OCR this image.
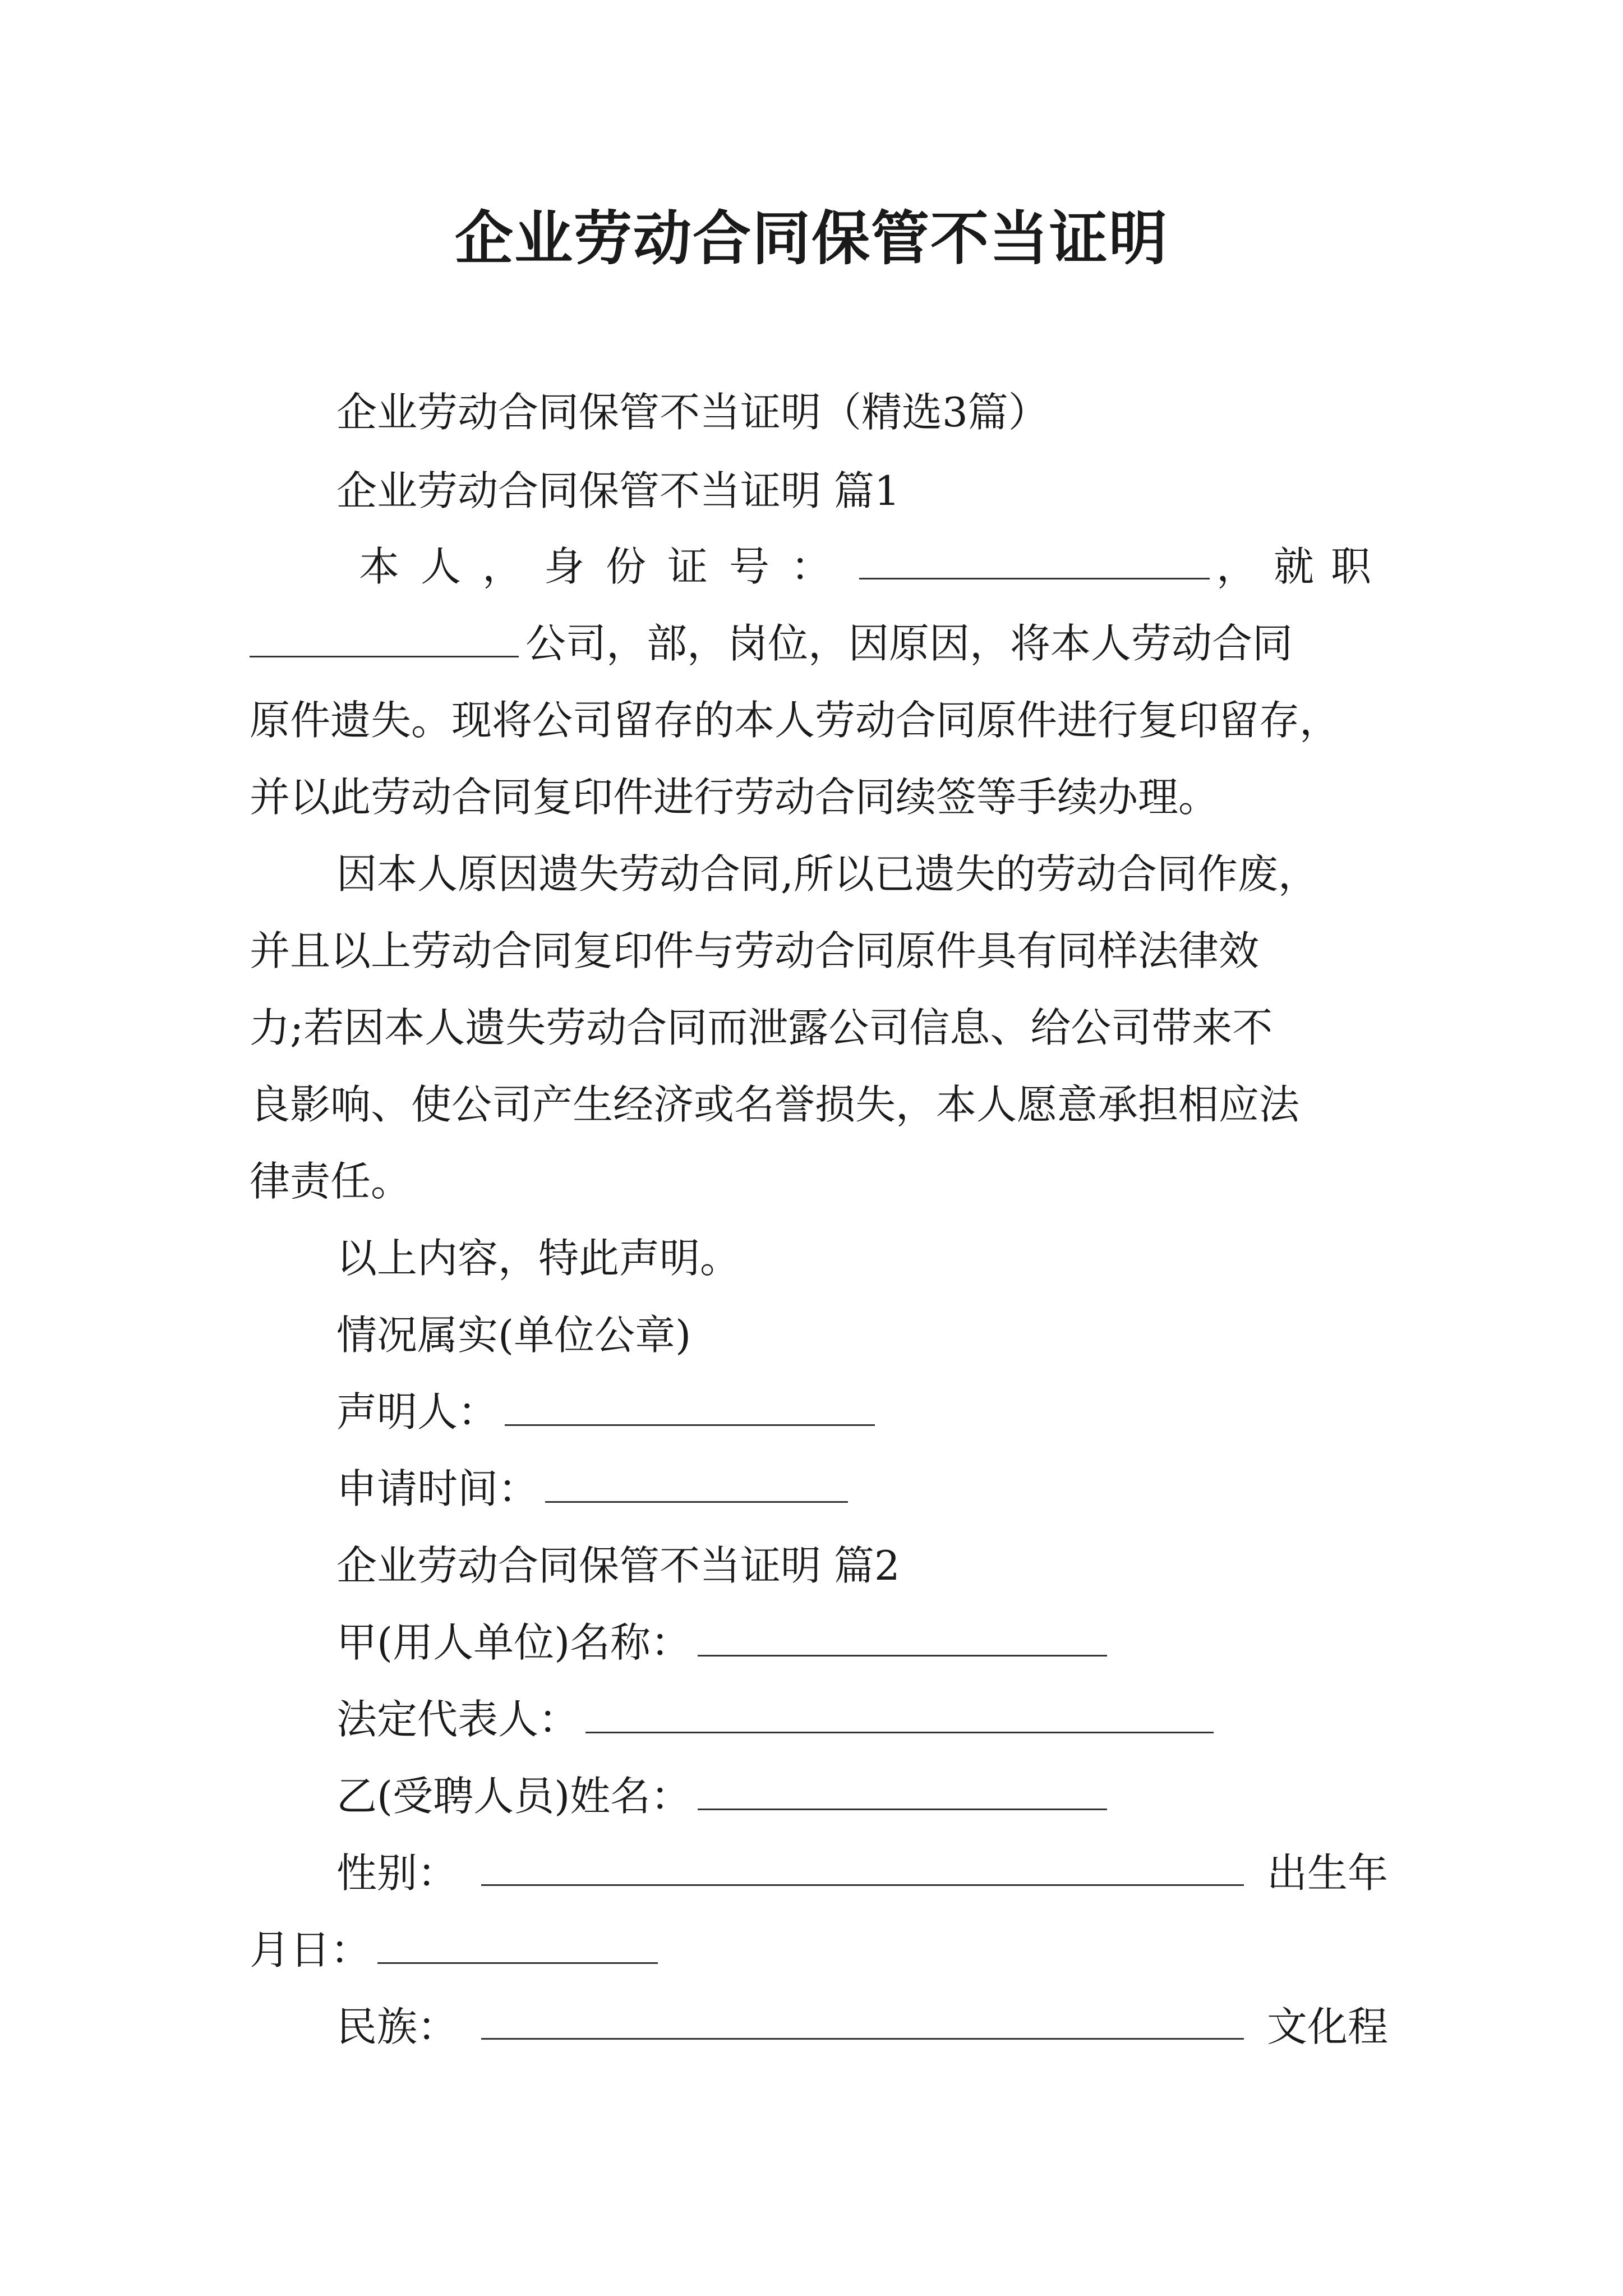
企业劳动合同保管不当证明
企业劳动合同保管不当证明（精选3篇）
企业劳动合同保管不当证明 篇1
本人，身份证号：	，就职
公司，部，岗位，因原因，将本人劳动合同
原件遗失。现将公司留存的本人劳动合同原件进行复印留存，
并以此劳动合同复印件进行劳动合同续签等手续办理。
因本人原因遗失劳动合同,所以已遗失的劳动合同作废，
并且以上劳动合同复印件与劳动合同原件具有同样法律效
力;若因本人遗失劳动合同而泄露公司信息、给公司带来不
良影响、使公司产生经济或名誉损失，本人愿意承担相应法
律责任。
以上内容，特此声明。
情况属实(单位公章)
声明人：
申请时间：
企业劳动合同保管不当证明 篇2
甲(用人单位)名称：
法定代表人：
乙(受聘人员)姓名：
性别：	出生年
月日：
民族：	文化程
